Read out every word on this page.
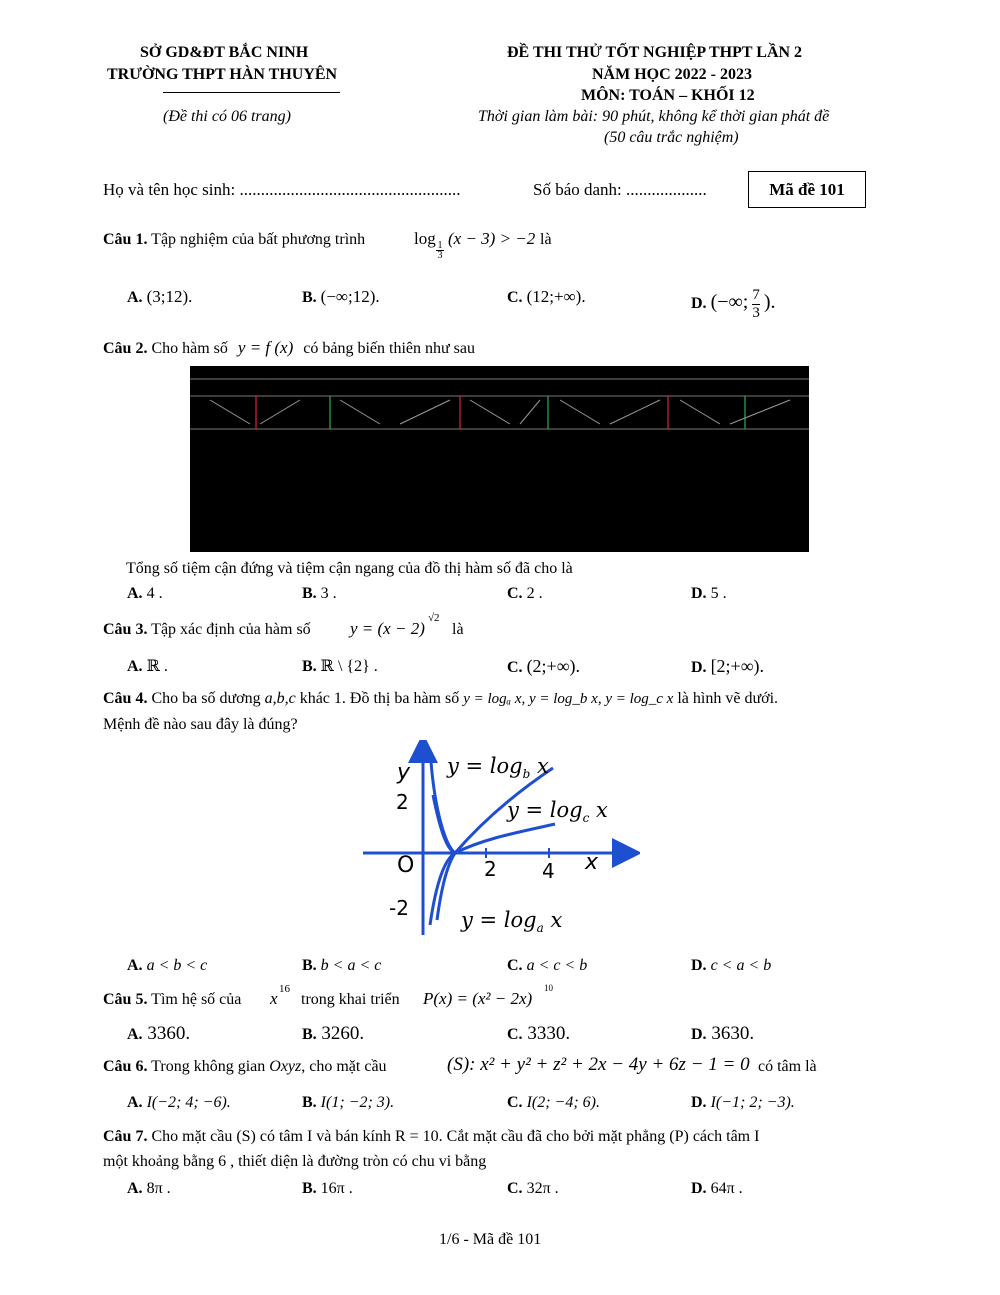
SỞ GD&ĐT BẮC NINH
TRƯỜNG THPT HÀN THUYÊN
(Đề thi có 06 trang)
ĐỀ THI THỬ TỐT NGHIỆP THPT LẦN 2
NĂM HỌC 2022 - 2023
MÔN: TOÁN – KHỐI 12
Thời gian làm bài: 90 phút, không kể thời gian phát đề
(50 câu trắc nghiệm)
Họ và tên học sinh: ....................................................	Số báo danh: ...................	Mã đề 101
Câu 1. Tập nghiệm của bất phương trình	log
$\frac{1}{3}$
(x − 3) > −2 là
A. (3;12).	B. (−∞;12).	C. (12;+∞).	D. (−∞; $\frac{7}{3}$ ).
Câu 2. Cho hàm số y = f (x) có bảng biến thiên như sau
Tổng số tiệm cận đứng và tiệm cận ngang của đồ thị hàm số đã cho là
A. 4 .	B. 3 .	C. 2 .	D. 5 .
Câu 3. Tập xác định của hàm số y = (x − 2)
√2
là
A. ℝ .	B. ℝ \ {2} .	C. (2;+∞).	D. [2;+∞).
Câu 4. Cho ba số dương a,b,c khác 1. Đồ thị ba hàm số y = logₐ x, y = log_b x, y = log_c x là hình vẽ dưới.
Mệnh đề nào sau đây là đúng?
y
x
O	2 4
2
-2
$y = \log_b x$
$y = \log_c x$
$y = \log_a x$
A. a < b < c	B. b < a < c	C. a < c < b	D. c < a < b
Câu 5. Tìm hệ số của x 16
trong khai triển P(x) = (x² − 2x)
10
A. 3360.	B. 3260.	C. 3330.	D. 3630.
Câu 6. Trong không gian Oxyz, cho mặt cầu	(S): x² + y² + z² + 2x − 4y + 6z − 1 = 0 có tâm là
A. I(−2; 4; −6).	B. I(1; −2; 3).	C. I(2; −4; 6).	D. I(−1; 2; −3).
Câu 7. Cho mặt cầu (S) có tâm I và bán kính R = 10. Cắt mặt cầu đã cho bởi mặt phẳng (P) cách tâm I
một khoảng bằng 6 , thiết diện là đường tròn có chu vi bằng
A. 8π .	B. 16π .	C. 32π .	D. 64π .
1/6 - Mã đề 101
